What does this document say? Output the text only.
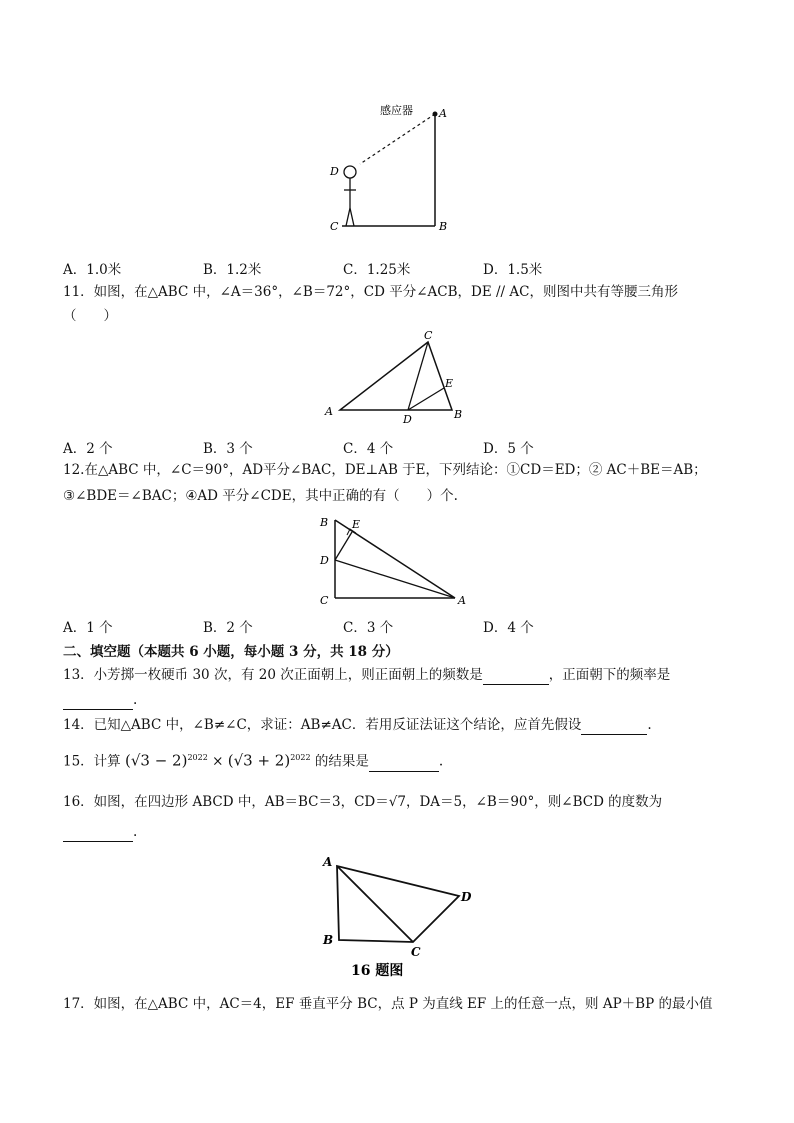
感应器 A
B
C
D
A．1.0米	B．1.2米	C．1.25米	D．1.5米
11．如图，在△ABC 中，∠A＝36°，∠B＝72°，CD 平分∠ACB，DE // AC，则图中共有等腰三角形
（　　）
A	B
C
D
E
A．2 个	B．3 个	C．4 个	D．5 个
12.在△ABC 中，∠C＝90°，AD平分∠BAC，DE⊥AB 于E，下列结论：①CD＝ED；② AC＋BE＝AB；
③∠BDE＝∠BAC；④AD 平分∠CDE，其中正确的有（　　）个.
B E
D
C	A
A．1 个	B．2 个	C．3 个	D．4 个
二、填空题（本题共 6 小题，每小题 3 分，共 18 分）
13．小芳掷一枚硬币 30 次，有 20 次正面朝上，则正面朝上的频数是	，正面朝下的频率是
.
14．已知△ABC 中，∠B≠∠C，求证：AB≠AC．若用反证法证这个结论，应首先假设	.
15．计算 $(√3 - 2)^{2022} \times (√3 + 2)^{2022}$ 的结果是	.
16．如图，在四边形 ABCD 中，AB＝BC＝3，CD＝√7，DA＝5，∠B＝90°，则∠BCD 的度数为
.
A
B
C
D
16 题图
17．如图，在△ABC 中，AC＝4，EF 垂直平分 BC，点 P 为直线 EF 上的任意一点，则 AP＋BP 的最小值
